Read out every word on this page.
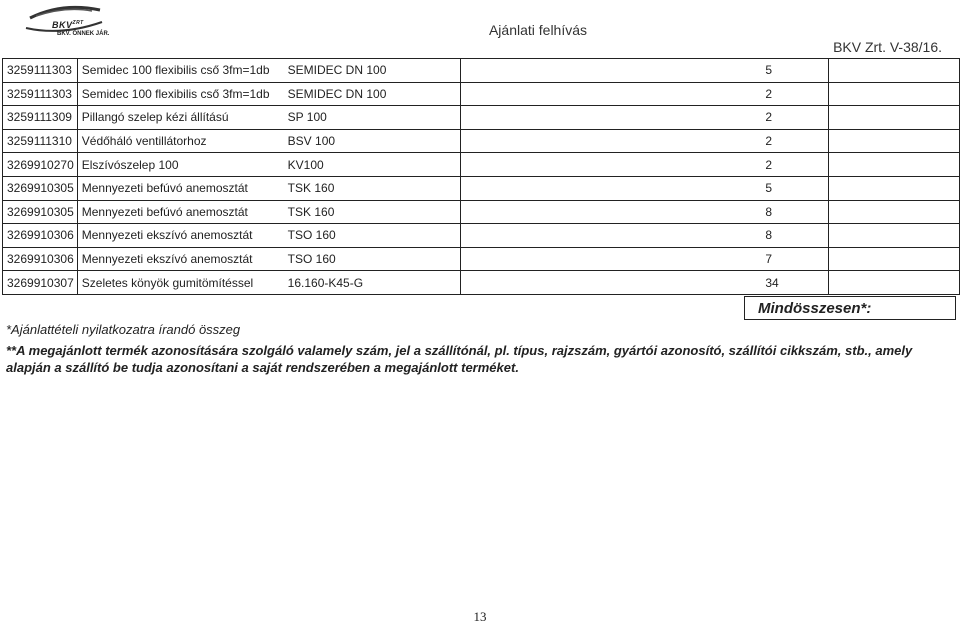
$BKV^{ZRT}$
BKV. ÖNNEK JÁR.	Ajánlati felhívás
BKV Zrt. V-38/16.
3259111303	Semidec 100 flexibilis cső 3fm=1db	SEMIDEC DN 100		5	
3259111303	Semidec 100 flexibilis cső 3fm=1db	SEMIDEC DN 100		2	
3259111309	Pillangó szelep kézi állítású	SP 100		2	
3259111310	Védőháló ventillátorhoz	BSV 100		2	
3269910270	Elszívószelep 100	KV100		2	
3269910305	Mennyezeti befúvó anemosztát	TSK 160		5	
3269910305	Mennyezeti befúvó anemosztát	TSK 160		8	
3269910306	Mennyezeti ekszívó anemosztát	TSO 160		8	
3269910306	Mennyezeti ekszívó anemosztát	TSO 160		7	
3269910307	Szeletes könyök gumitömítéssel	16.160-K45-G		34	
Mindösszesen*:
*Ajánlattételi nyilatkozatra írandó összeg
**A megajánlott termék azonosítására szolgáló valamely szám, jel a szállítónál, pl. típus, rajzszám, gyártói azonosító, szállítói cikkszám, stb., amely alapján a szállító be tudja azonosítani a saját rendszerében a megajánlott terméket.
13
